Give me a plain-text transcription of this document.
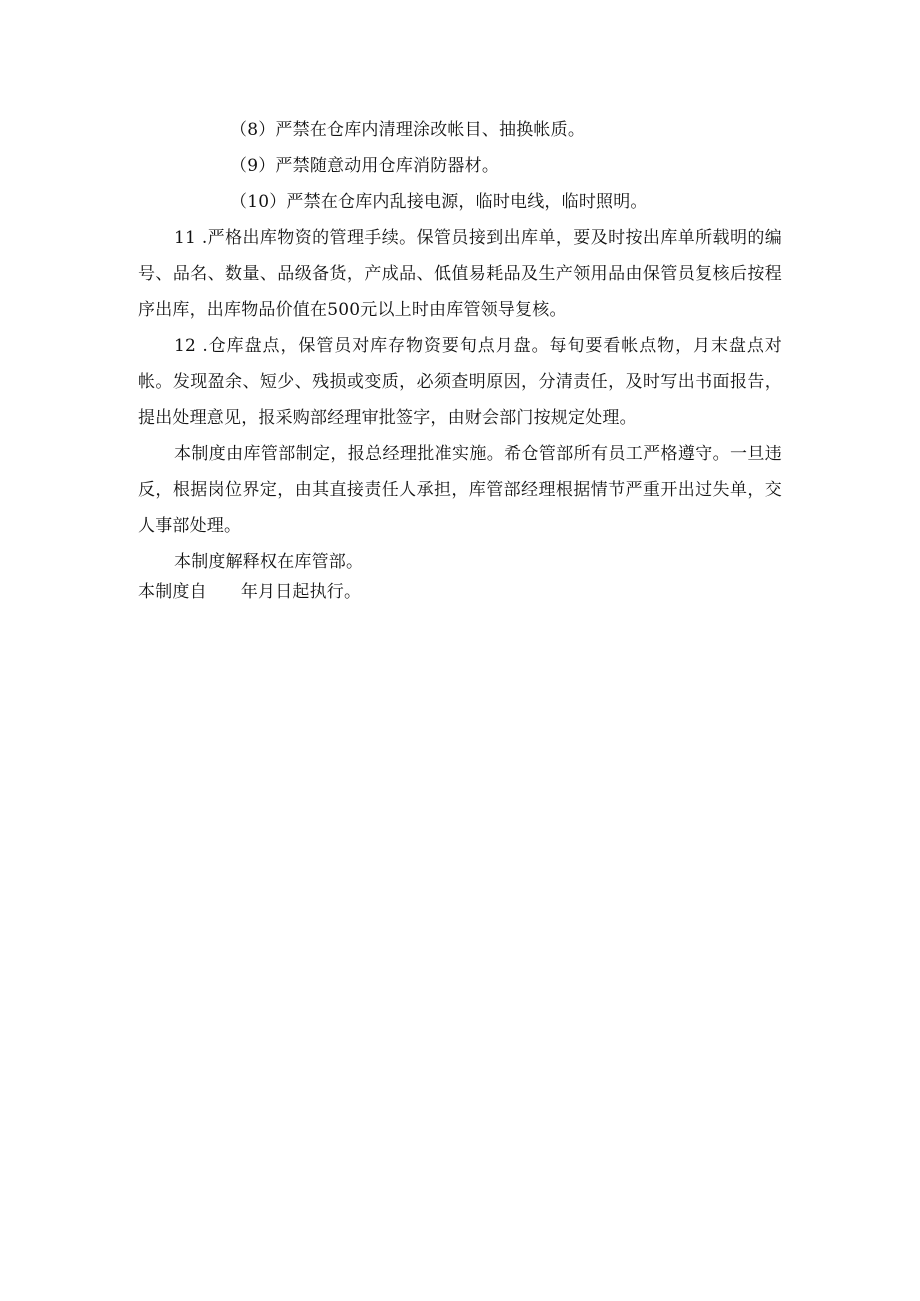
（8）严禁在仓库内清理涂改帐目、抽换帐质。

（9）严禁随意动用仓库消防器材。

（10）严禁在仓库内乱接电源，临时电线，临时照明。

11 .严格出库物资的管理手续。保管员接到出库单，要及时按出库单所载明的编号、品名、数量、品级备货，产成品、低值易耗品及生产领用品由保管员复核后按程序出库，出库物品价值在500元以上时由库管领导复核。

12 .仓库盘点，保管员对库存物资要旬点月盘。每旬要看帐点物，月末盘点对帐。发现盈余、短少、残损或变质，必须查明原因，分清责任，及时写出书面报告，提出处理意见，报采购部经理审批签字，由财会部门按规定处理。

本制度由库管部制定，报总经理批准实施。希仓管部所有员工严格遵守。一旦违反，根据岗位界定，由其直接责任人承担，库管部经理根据情节严重开出过失单，交人事部处理。

本制度解释权在库管部。

本制度自 年月日起执行。
